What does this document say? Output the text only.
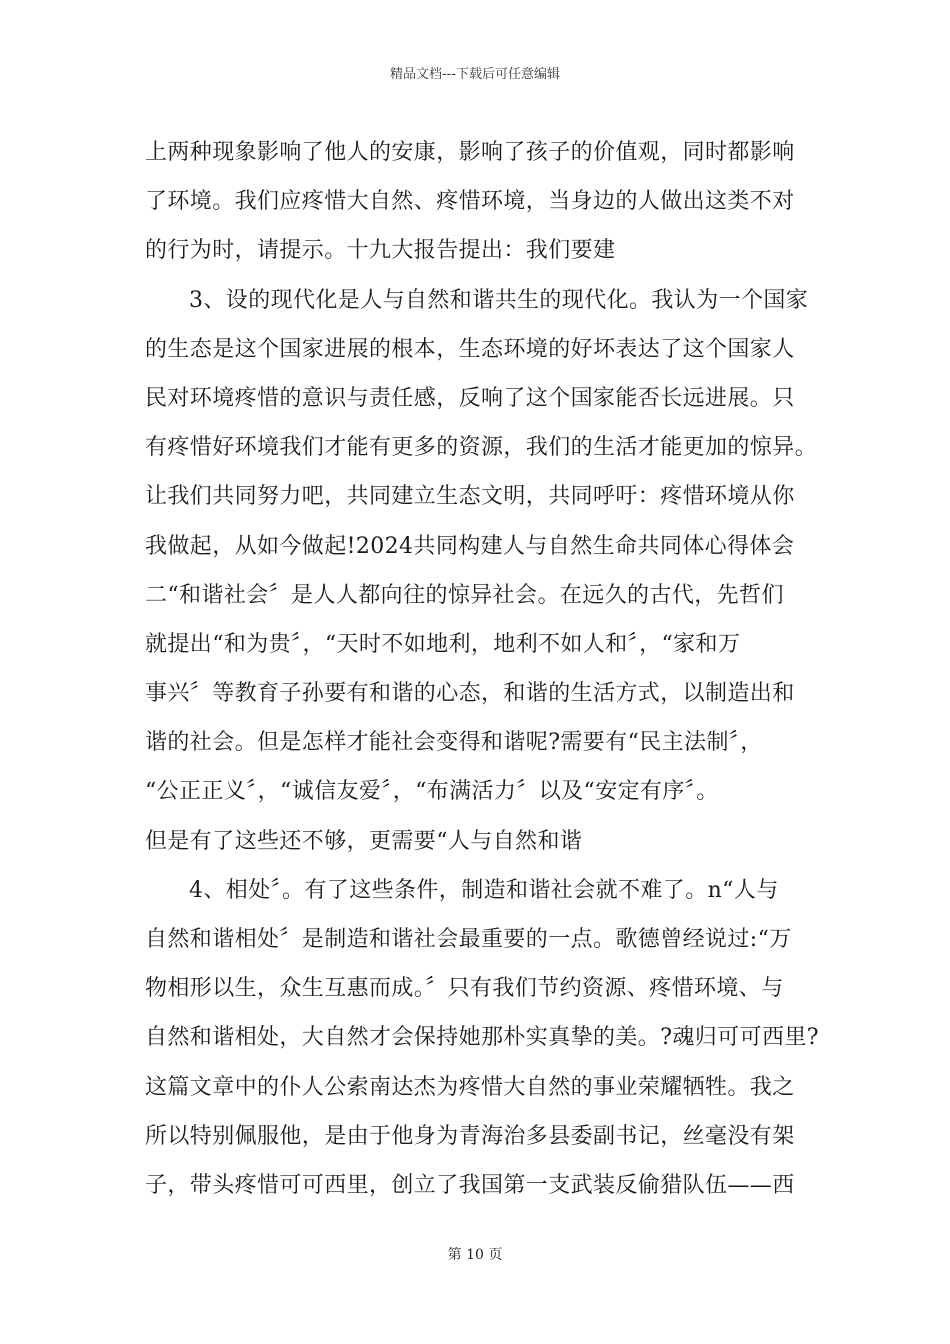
精品文档---下载后可任意编辑
上两种现象影响了他人的安康，影响了孩子的价值观，同时都影响
了环境。我们应疼惜大自然、疼惜环境，当身边的人做出这类不对
的行为时，请提示。十九大报告提出：我们要建
3、设的现代化是人与自然和谐共生的现代化。我认为一个国家
的生态是这个国家进展的根本，生态环境的好坏表达了这个国家人
民对环境疼惜的意识与责任感，反响了这个国家能否长远进展。只
有疼惜好环境我们才能有更多的资源，我们的生活才能更加的惊异。
让我们共同努力吧，共同建立生态文明，共同呼吁：疼惜环境从你
我做起，从如今做起!2024共同构建人与自然生命共同体心得体会
二“和谐社会〞是人人都向往的惊异社会。在远久的古代，先哲们
就提出“和为贵〞，“天时不如地利，地利不如人和〞，“家和万
事兴〞等教育子孙要有和谐的心态，和谐的生活方式，以制造出和
谐的社会。但是怎样才能社会变得和谐呢?需要有“民主法制〞，
“公正正义〞，“诚信友爱〞，“布满活力〞以及“安定有序〞。
但是有了这些还不够，更需要“人与自然和谐
4、相处〞。有了这些条件，制造和谐社会就不难了。n“人与
自然和谐相处〞是制造和谐社会最重要的一点。歌德曾经说过:“万
物相形以生，众生互惠而成。〞只有我们节约资源、疼惜环境、与
自然和谐相处，大自然才会保持她那朴实真挚的美。?魂归可可西里?
这篇文章中的仆人公索南达杰为疼惜大自然的事业荣耀牺牲。我之
所以特别佩服他，是由于他身为青海治多县委副书记，丝毫没有架
子，带头疼惜可可西里，创立了我国第一支武装反偷猎队伍——西
第 10 页
